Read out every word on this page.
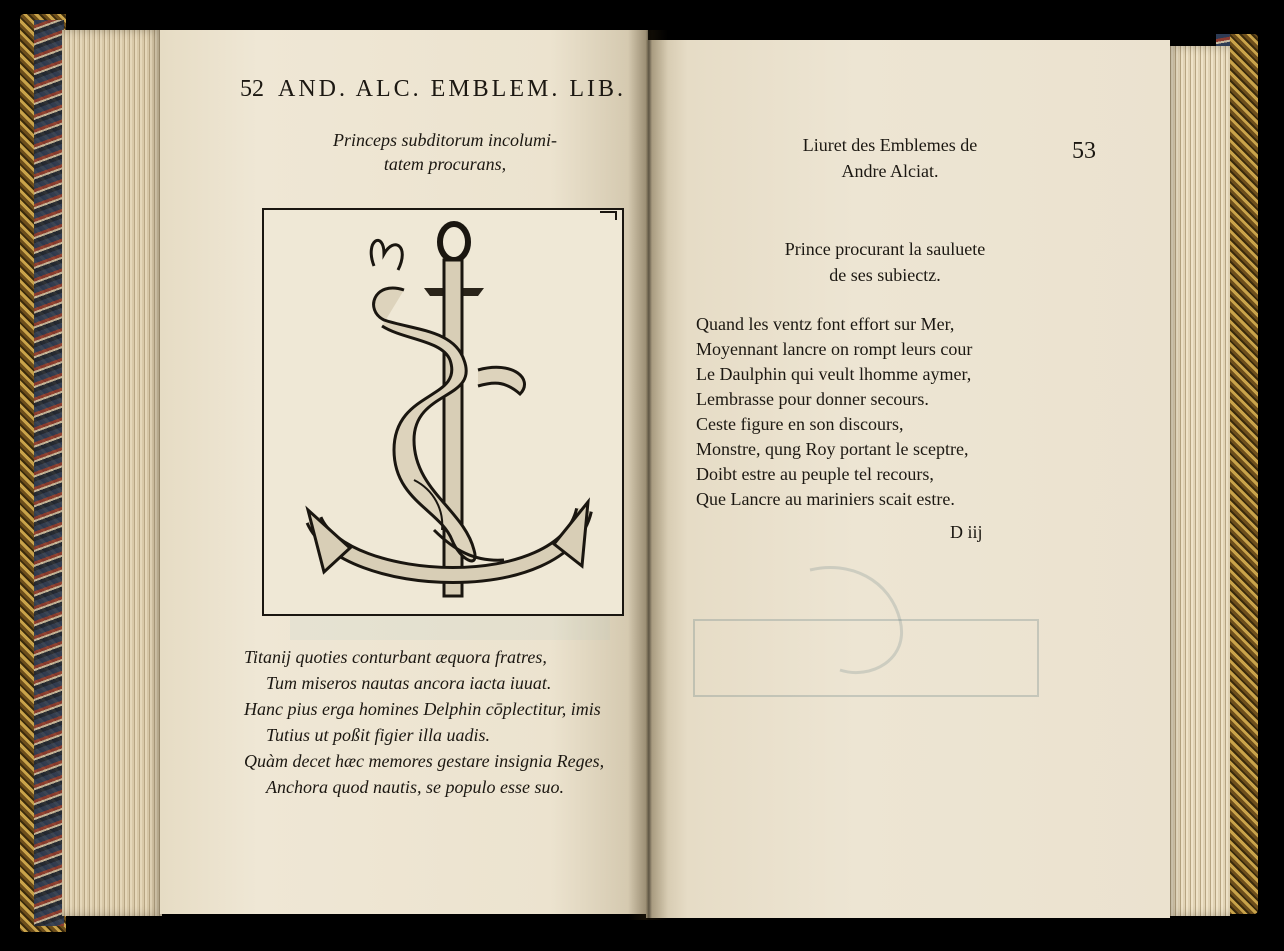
52 AND. ALC. EMBLEM. LIB.
Princeps subditorum incolumi-
tatem procurans,
Titanij quoties conturbant æquora fratres,
Tum miseros nautas ancora iacta iuuat.
Hanc pius erga homines Delphin cōplectitur, imis
Tutius ut poßit figier illa uadis.
Quàm decet hæc memores gestare insignia Reges,
Anchora quod nautis, se populo esse suo.
Liuret des Emblemes de
Andre Alciat.
53
Prince procurant la sauluete
de ses subiectz.
Quand les ventz font effort sur Mer,
Moyennant lancre on rompt leurs cour
Le Daulphin qui veult lhomme aymer,
Lembrasse pour donner secours.
Ceste figure en son discours,
Monstre, qung Roy portant le sceptre,
Doibt estre au peuple tel recours,
Que Lancre au mariniers scait estre.
D iij
